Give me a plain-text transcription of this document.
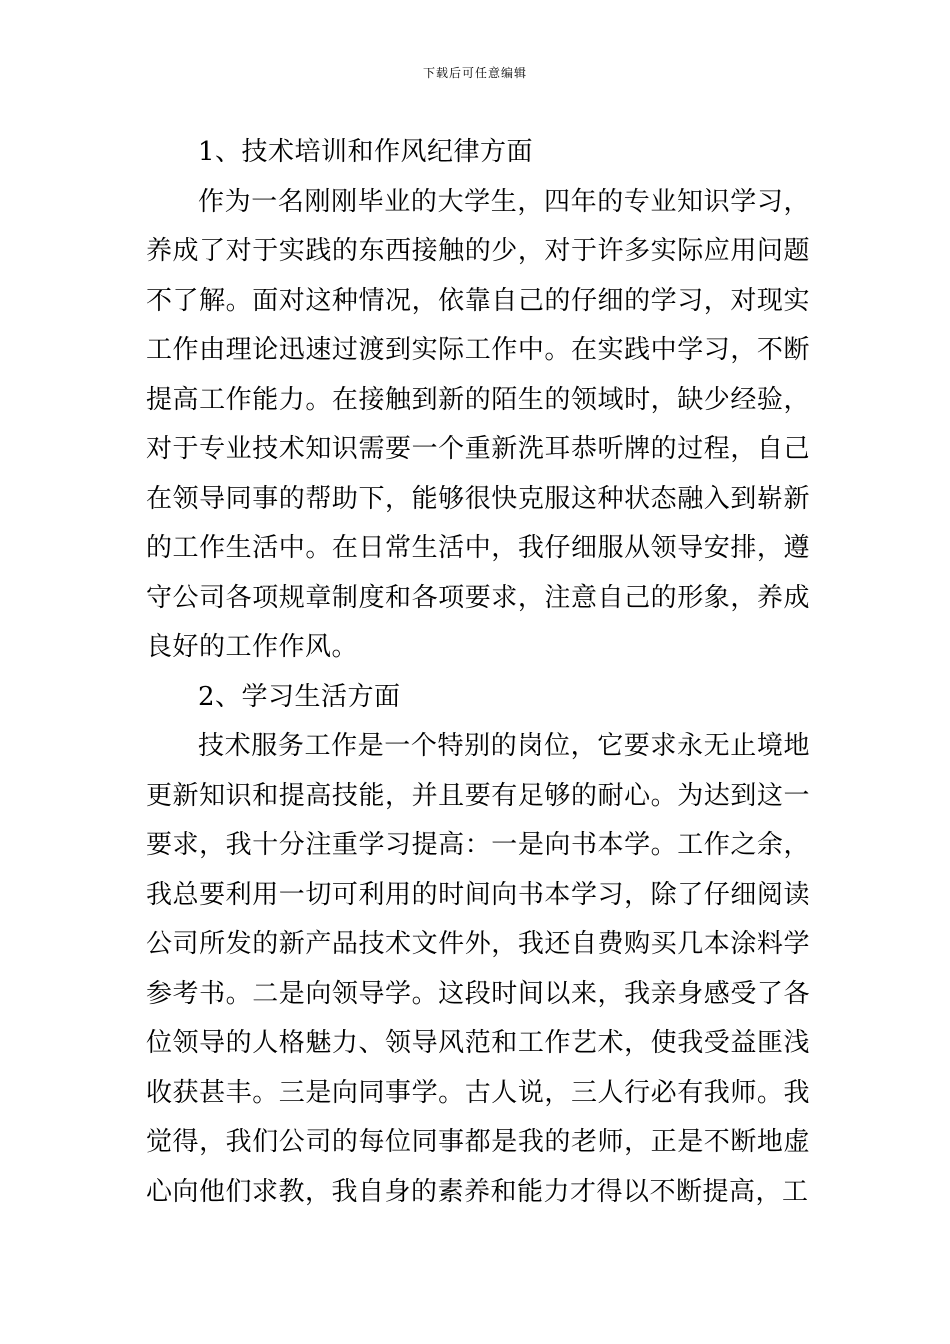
下载后可任意编辑

1、技术培训和作风纪律方面

作为一名刚刚毕业的大学生，四年的专业知识学习，养成了对于实践的东西接触的少，对于许多实际应用问题不了解。面对这种情况，依靠自己的仔细的学习，对现实工作由理论迅速过渡到实际工作中。在实践中学习，不断提高工作能力。在接触到新的陌生的领域时，缺少经验，对于专业技术知识需要一个重新洗耳恭听牌的过程，自己在领导同事的帮助下，能够很快克服这种状态融入到崭新的工作生活中。在日常生活中，我仔细服从领导安排，遵守公司各项规章制度和各项要求，注意自己的形象，养成良好的工作作风。

2、学习生活方面

技术服务工作是一个特别的岗位，它要求永无止境地更新知识和提高技能，并且要有足够的耐心。为达到这一要求，我十分注重学习提高：一是向书本学。工作之余，我总要利用一切可利用的时间向书本学习，除了仔细阅读公司所发的新产品技术文件外，我还自费购买几本涂料学参考书。二是向领导学。这段时间以来，我亲身感受了各位领导的人格魅力、领导风范和工作艺术，使我受益匪浅收获甚丰。三是向同事学。古人说，三人行必有我师。我觉得，我们公司的每位同事都是我的老师，正是不断地虚心向他们求教，我自身的素养和能力才得以不断提高，工
